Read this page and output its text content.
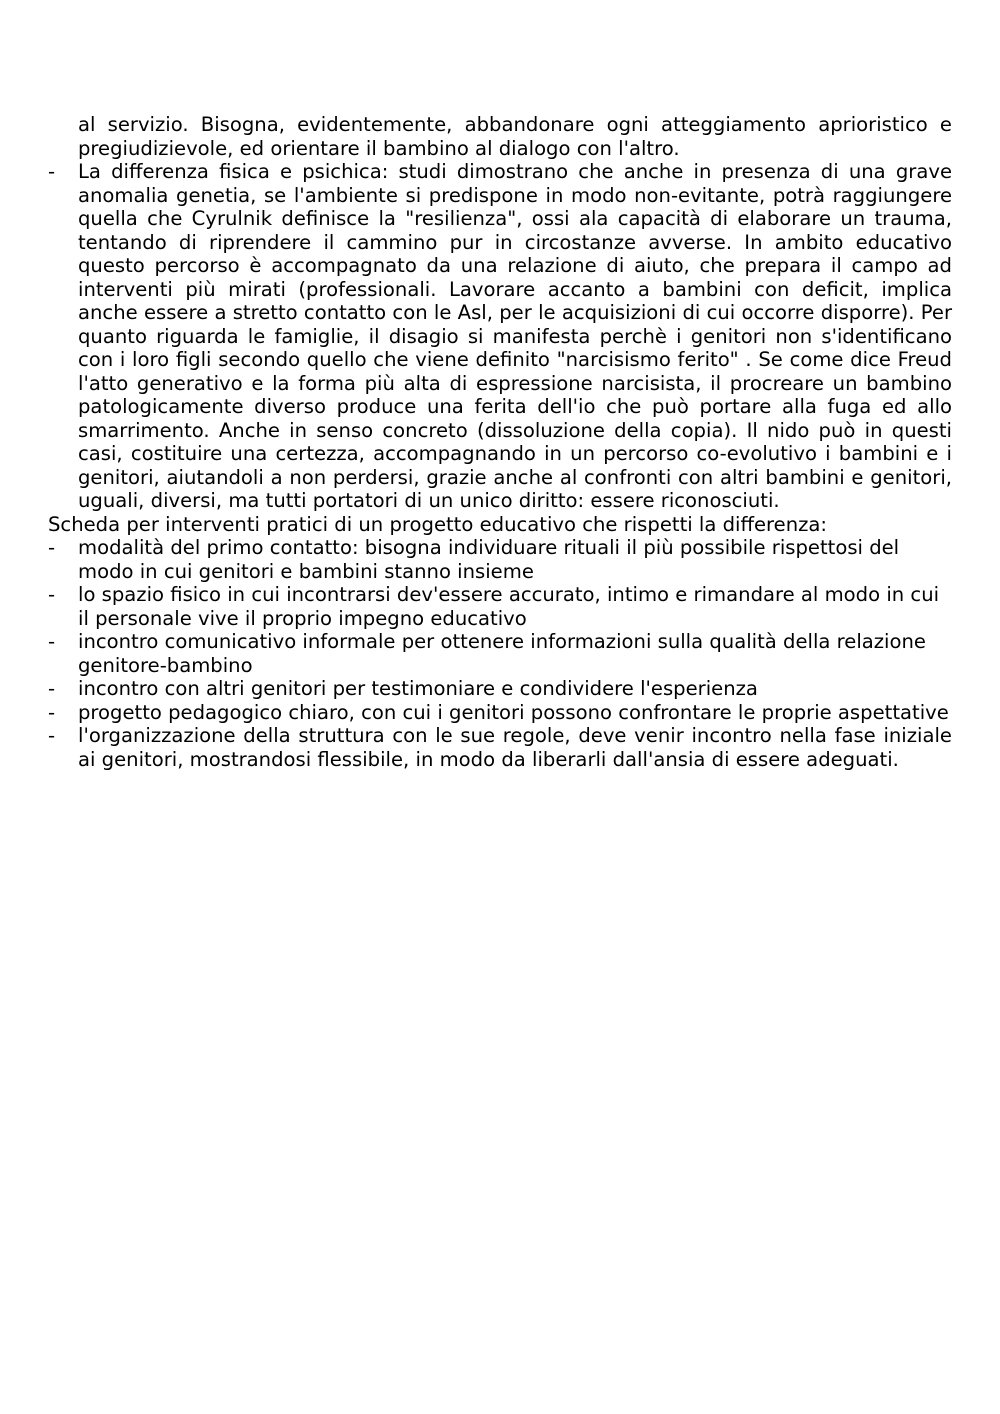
al servizio. Bisogna, evidentemente, abbandonare ogni atteggiamento aprioristico e pregiudizievole, ed orientare il bambino al dialogo con l'altro.

-	La differenza fisica e psichica: studi dimostrano che anche in presenza di una grave anomalia genetia, se l'ambiente si predispone in modo non-evitante, potrà raggiungere quella che Cyrulnik definisce la "resilienza", ossi ala capacità di elaborare un trauma, tentando di riprendere il cammino pur in circostanze avverse. In ambito educativo questo percorso è accompagnato da una relazione di aiuto, che prepara il campo ad interventi più mirati (professionali. Lavorare accanto a bambini con deficit, implica anche essere a stretto contatto con le Asl, per le acquisizioni di cui occorre disporre). Per quanto riguarda le famiglie, il disagio si manifesta perchè i genitori non s'identificano con i loro figli secondo quello che viene definito "narcisismo ferito" . Se come dice Freud l'atto generativo e la forma più alta di espressione narcisista, il procreare un bambino patologicamente diverso produce una ferita dell'io che può portare alla fuga ed allo smarrimento. Anche in senso concreto (dissoluzione della copia). Il nido può in questi casi, costituire una certezza, accompagnando in un percorso co-evolutivo i bambini e i genitori, aiutandoli a non perdersi, grazie anche al confronti con altri bambini e genitori, uguali, diversi, ma tutti portatori di un unico diritto: essere riconosciuti.

Scheda per interventi pratici di un progetto educativo che rispetti la differenza:

-	modalità del primo contatto: bisogna individuare rituali il più possibile rispettosi del modo in cui genitori e bambini stanno insieme

-	lo spazio fisico in cui incontrarsi dev'essere accurato, intimo e rimandare al modo in cui il personale vive il proprio impegno educativo

-	incontro comunicativo informale per ottenere informazioni sulla qualità della relazione genitore-bambino

-	incontro con altri genitori per testimoniare e condividere l'esperienza

-	progetto pedagogico chiaro, con cui i genitori possono confrontare le proprie aspettative

-	l'organizzazione della struttura con le sue regole, deve venir incontro nella fase iniziale ai genitori, mostrandosi flessibile, in modo da liberarli dall'ansia di essere adeguati.
